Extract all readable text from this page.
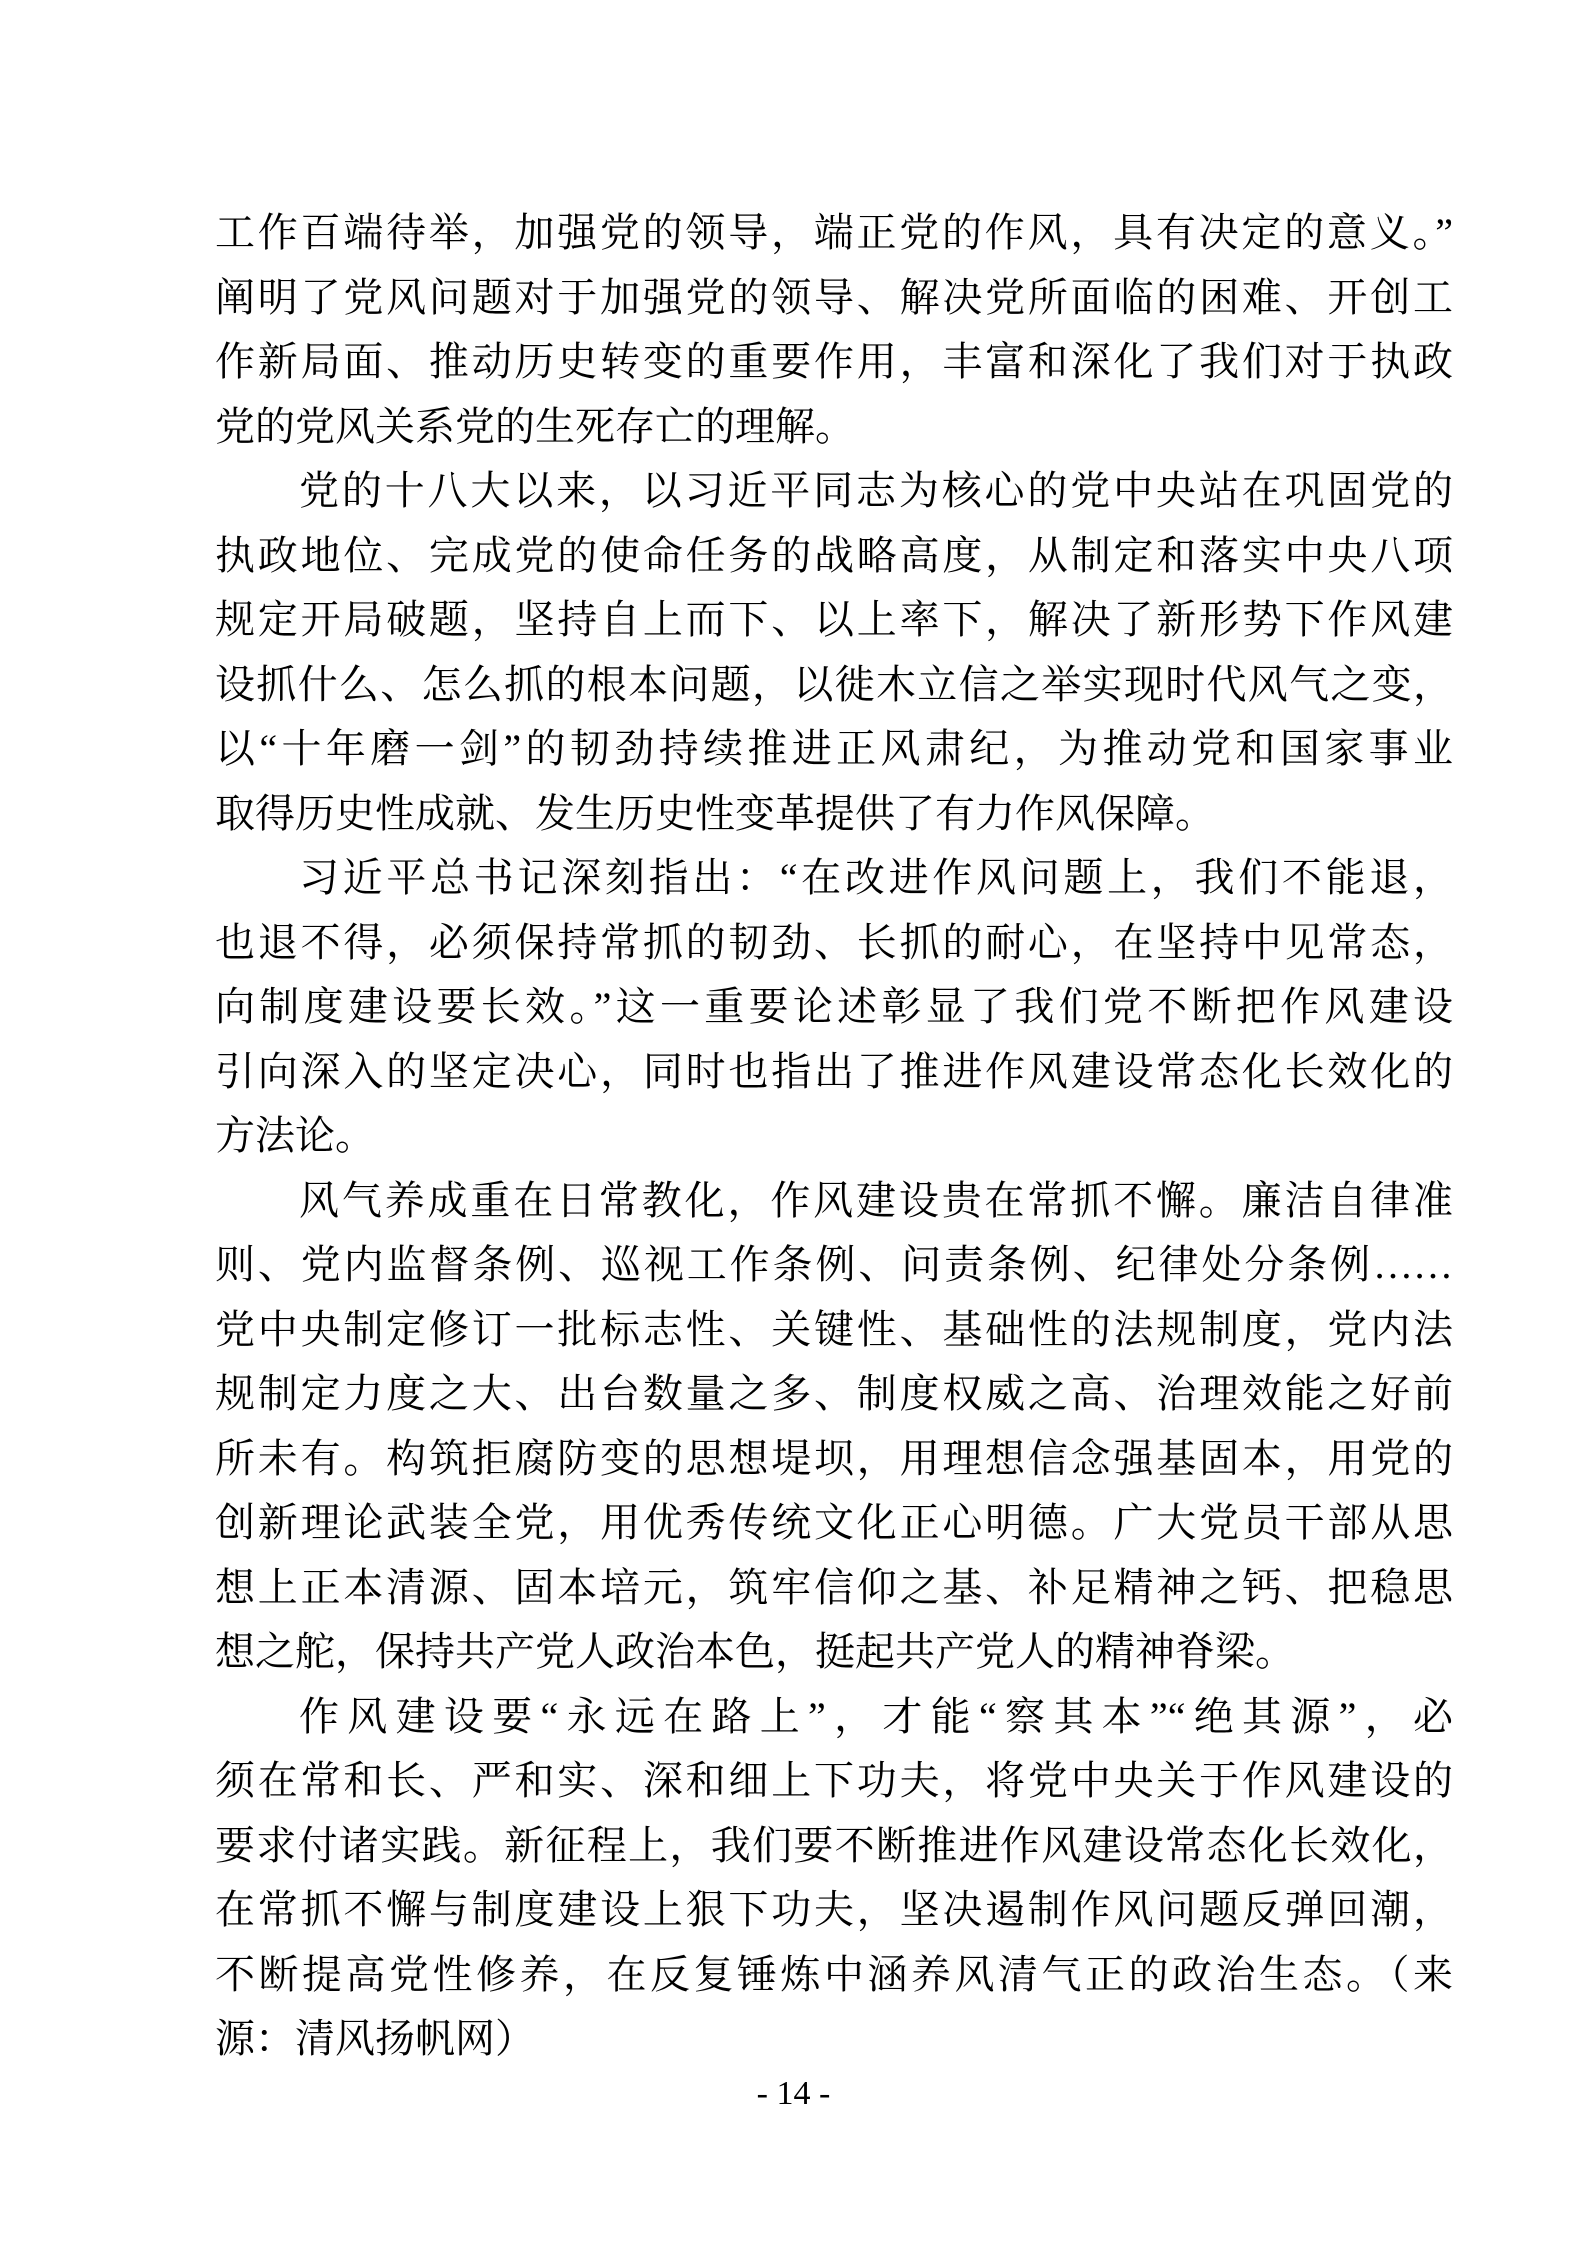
工作百端待举，加强党的领导，端正党的作风，具有决定的意义。”
阐明了党风问题对于加强党的领导、解决党所面临的困难、开创工
作新局面、推动历史转变的重要作用，丰富和深化了我们对于执政
党的党风关系党的生死存亡的理解。
党的十八大以来，以习近平同志为核心的党中央站在巩固党的
执政地位、完成党的使命任务的战略高度，从制定和落实中央八项
规定开局破题，坚持自上而下、以上率下，解决了新形势下作风建
设抓什么、怎么抓的根本问题，以徙木立信之举实现时代风气之变，
以“十年磨一剑”的韧劲持续推进正风肃纪，为推动党和国家事业
取得历史性成就、发生历史性变革提供了有力作风保障。
习近平总书记深刻指出：“在改进作风问题上，我们不能退，
也退不得，必须保持常抓的韧劲、长抓的耐心，在坚持中见常态，
向制度建设要长效。”这一重要论述彰显了我们党不断把作风建设
引向深入的坚定决心，同时也指出了推进作风建设常态化长效化的
方法论。
风气养成重在日常教化，作风建设贵在常抓不懈。廉洁自律准
则、党内监督条例、巡视工作条例、问责条例、纪律处分条例……
党中央制定修订一批标志性、关键性、基础性的法规制度，党内法
规制定力度之大、出台数量之多、制度权威之高、治理效能之好前
所未有。构筑拒腐防变的思想堤坝，用理想信念强基固本，用党的
创新理论武装全党，用优秀传统文化正心明德。广大党员干部从思
想上正本清源、固本培元，筑牢信仰之基、补足精神之钙、把稳思
想之舵，保持共产党人政治本色，挺起共产党人的精神脊梁。
作风建设要“永远在路上”，才能“察其本”“绝其源”，必
须在常和长、严和实、深和细上下功夫，将党中央关于作风建设的
要求付诸实践。新征程上，我们要不断推进作风建设常态化长效化，
在常抓不懈与制度建设上狠下功夫，坚决遏制作风问题反弹回潮，
不断提高党性修养，在反复锤炼中涵养风清气正的政治生态。（来
源：清风扬帆网）
- 14 -
